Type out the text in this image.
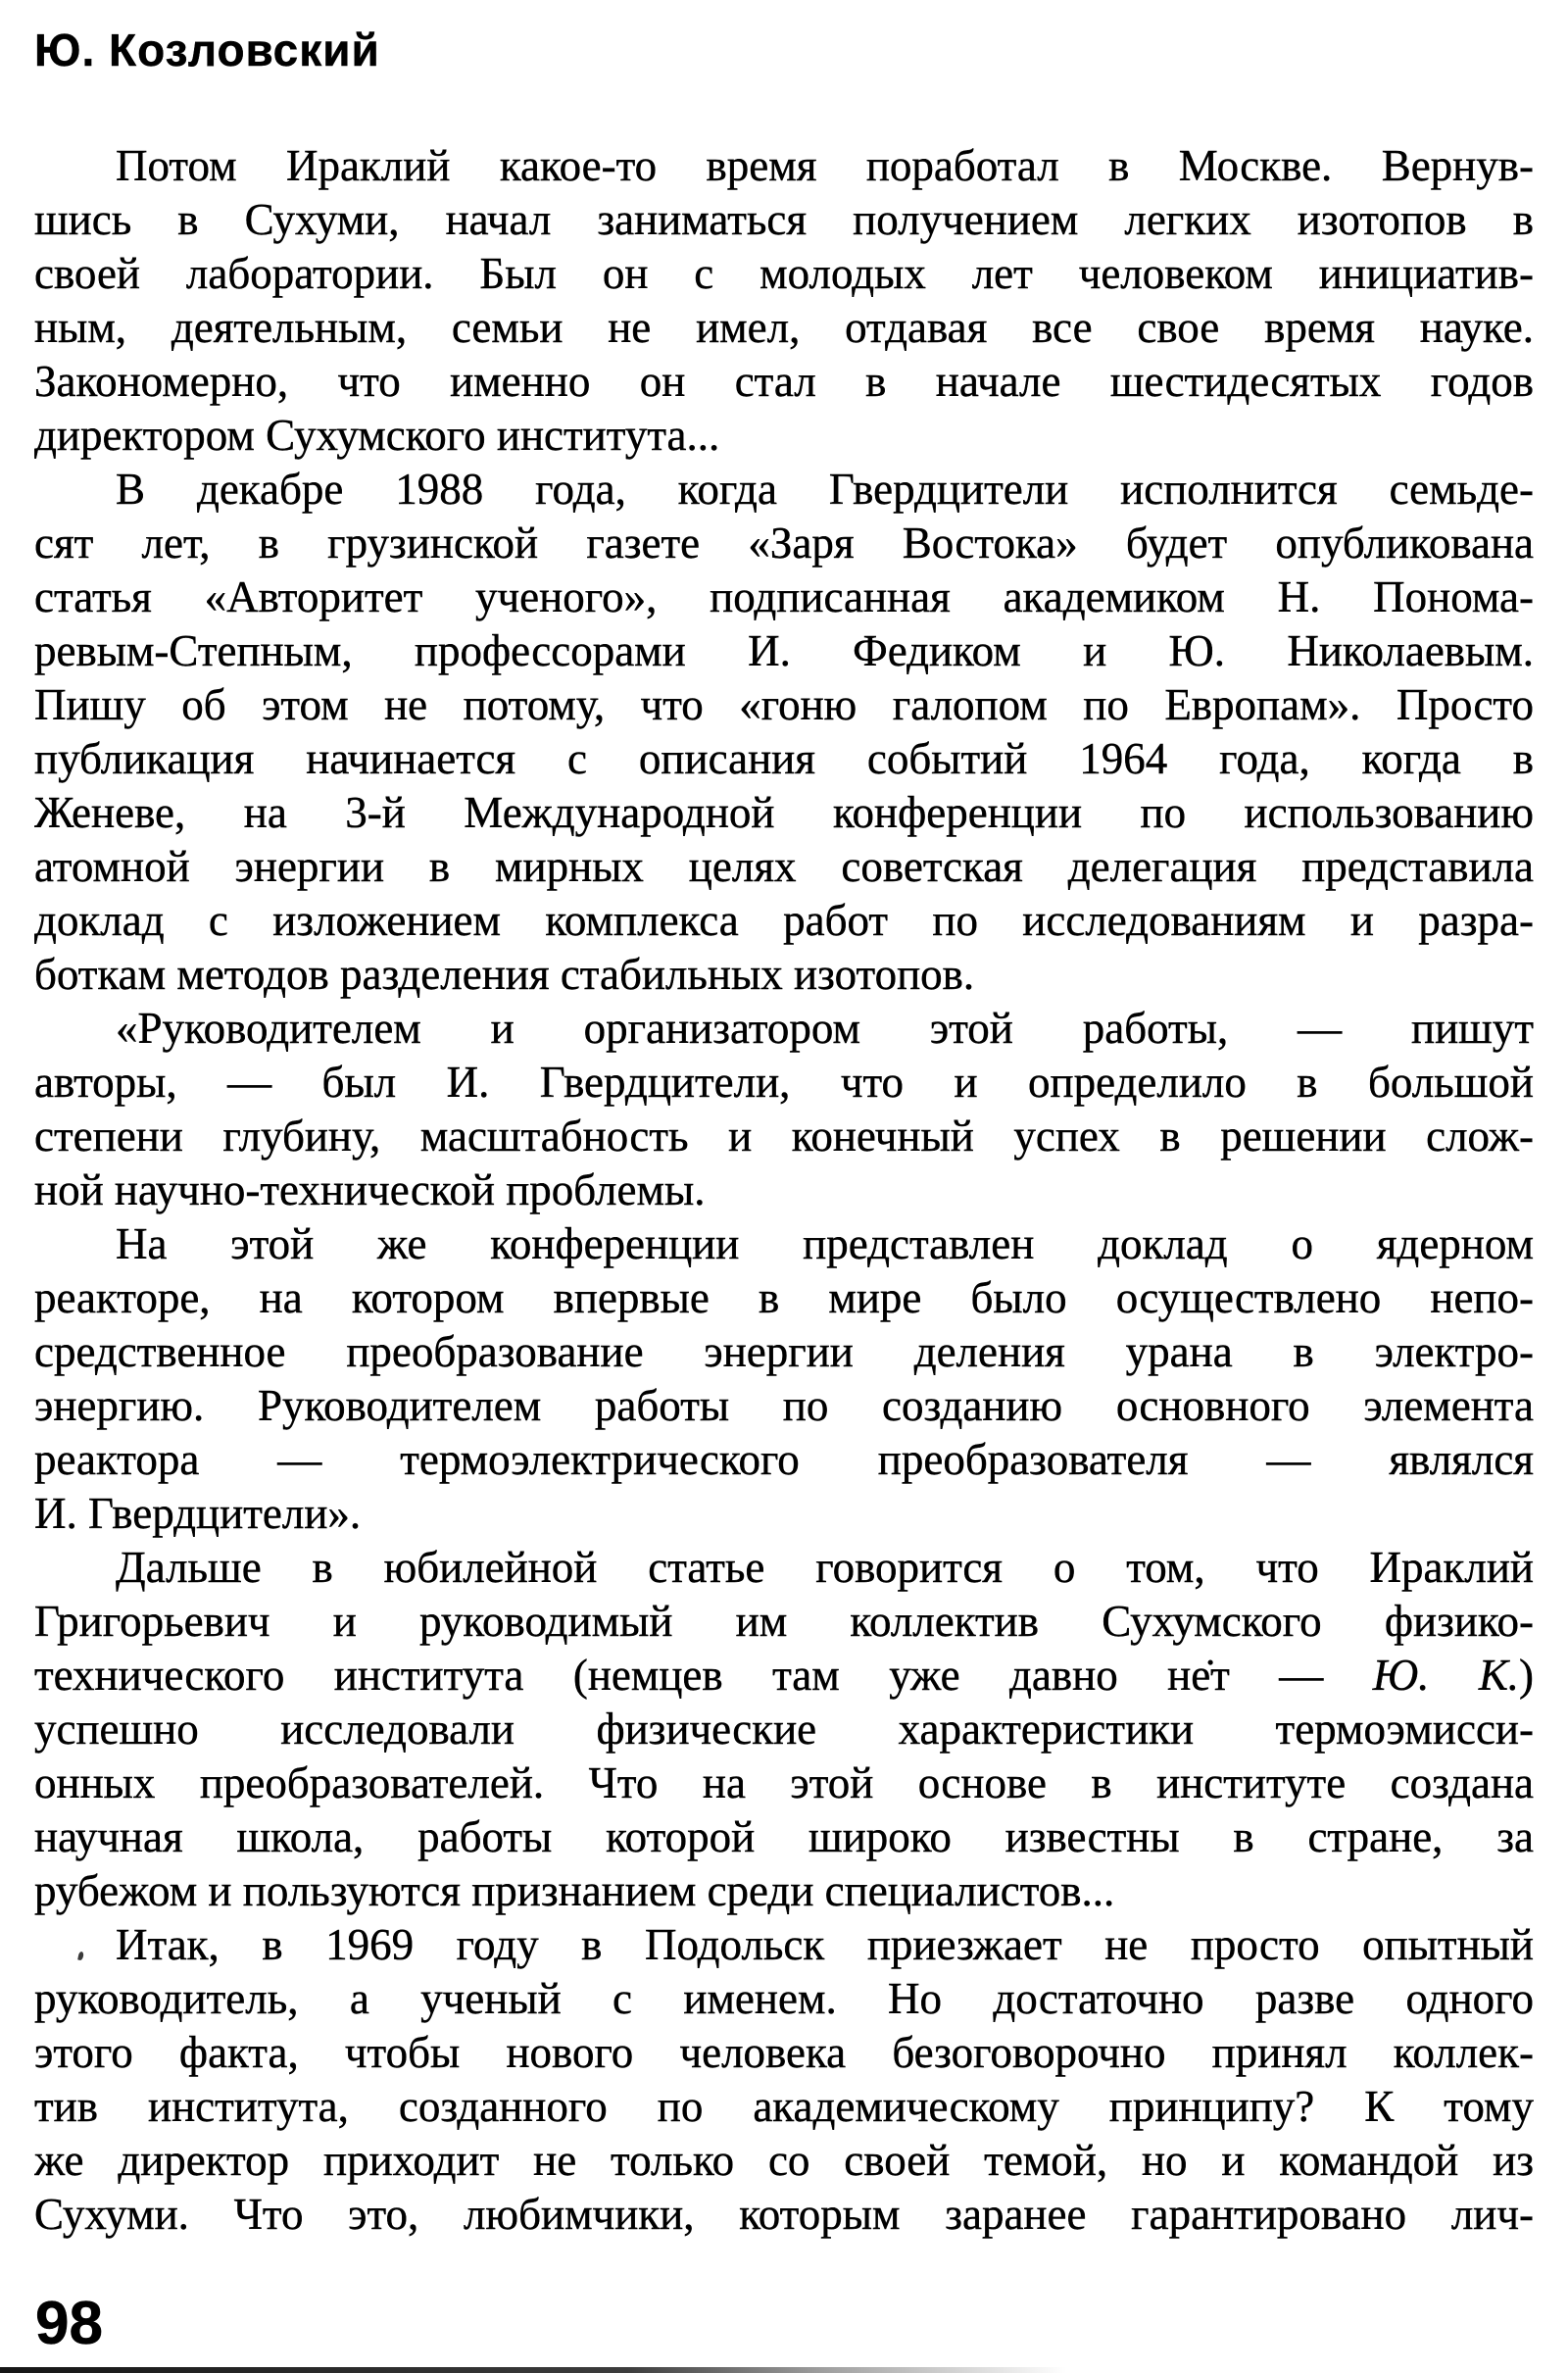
Ю. Козловский
Потом Ираклий какое-то время поработал в Москве. Вернув-
шись в Сухуми, начал заниматься получением легких изотопов в
своей лаборатории. Был он с молодых лет человеком инициатив-
ным, деятельным, семьи не имел, отдавая все свое время науке.
Закономерно, что именно он стал в начале шестидесятых годов
директором Сухумского института...
В декабре 1988 года, когда Гвердцители исполнится семьде-
сят лет, в грузинской газете «Заря Востока» будет опубликована
статья «Авторитет ученого», подписанная академиком Н. Понома-
ревым-Степным, профессорами И. Федиком и Ю. Николаевым.
Пишу об этом не потому, что «гоню галопом по Европам». Просто
публикация начинается с описания событий 1964 года, когда в
Женеве, на 3-й Международной конференции по использованию
атомной энергии в мирных целях советская делегация представила
доклад с изложением комплекса работ по исследованиям и разра-
боткам методов разделения стабильных изотопов.
«Руководителем и организатором этой работы, — пишут
авторы, — был И. Гвердцители, что и определило в большой
степени глубину, масштабность и конечный успех в решении слож-
ной научно-технической проблемы.
На этой же конференции представлен доклад о ядерном
реакторе, на котором впервые в мире было осуществлено непо-
средственное преобразование энергии деления урана в электро-
энергию. Руководителем работы по созданию основного элемента
реактора — термоэлектрического преобразователя — являлся
И. Гвердцители».
Дальше в юбилейной статье говорится о том, что Ираклий
Григорьевич и руководимый им коллектив Сухумского физико-
технического института (немцев там уже давно не̇т — Ю. К.)
успешно исследовали физические характеристики термоэмисси-
онных преобразователей. Что на этой основе в институте создана
научная школа, работы которой широко известны в стране, за
рубежом и пользуются признанием среди специалистов...
Итак, в 1969 году в Подольск приезжает не просто опытный
руководитель, а ученый с именем. Но достаточно разве одного
этого факта, чтобы нового человека безоговорочно принял коллек-
тив института, созданного по академическому принципу? К тому
же директор приходит не только со своей темой, но и командой из
Сухуми. Что это, любимчики, которым заранее гарантировано лич-
98
